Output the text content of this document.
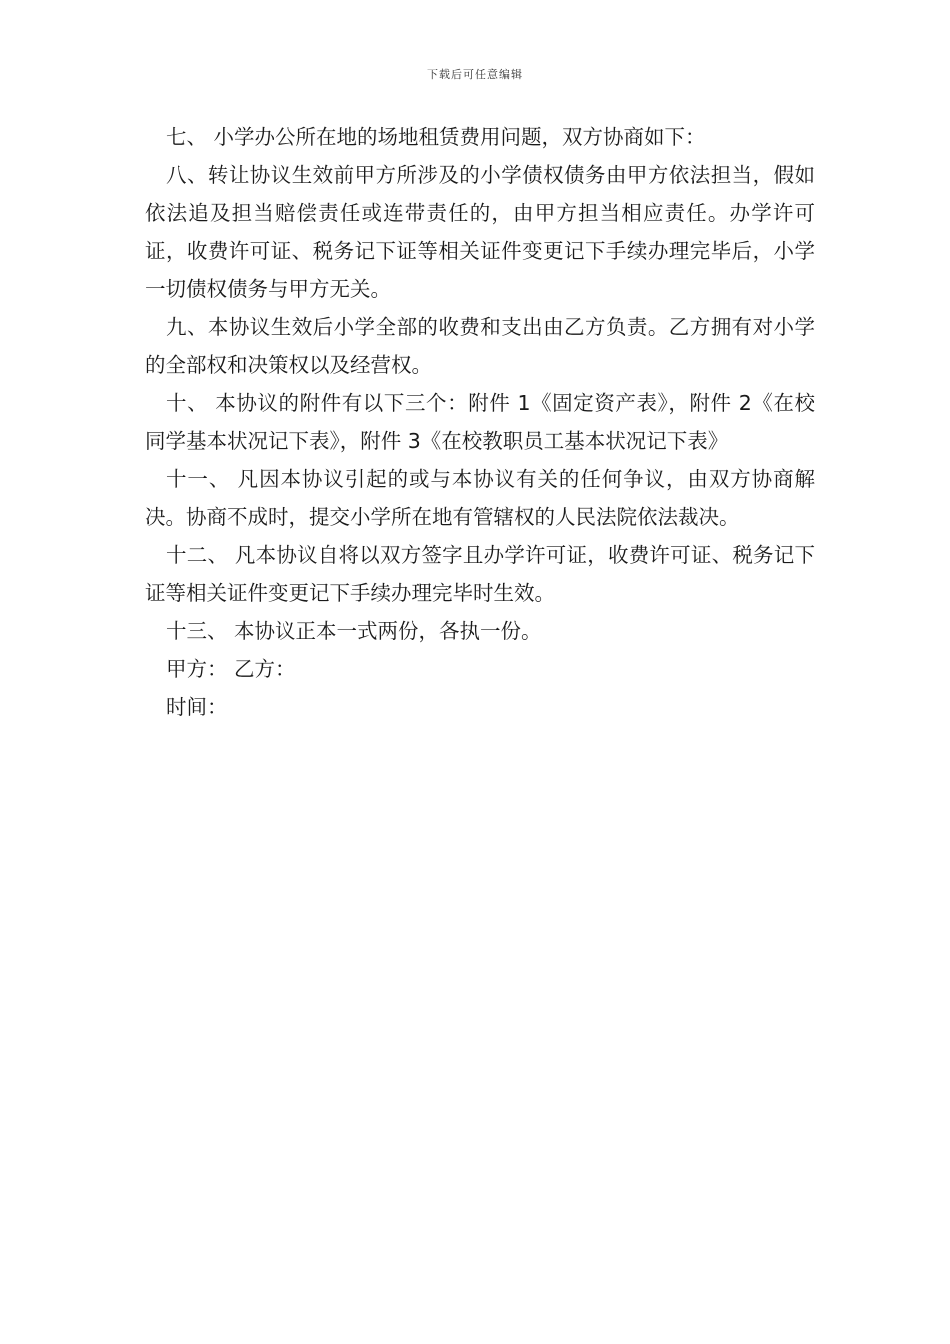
下载后可任意编辑

七、 小学办公所在地的场地租赁费用问题，双方协商如下：

八、转让协议生效前甲方所涉及的小学债权债务由甲方依法担当，假如依法追及担当赔偿责任或连带责任的，由甲方担当相应责任。办学许可证，收费许可证、税务记下证等相关证件变更记下手续办理完毕后，小学一切债权债务与甲方无关。

九、本协议生效后小学全部的收费和支出由乙方负责。乙方拥有对小学的全部权和决策权以及经营权。

十、 本协议的附件有以下三个：附件 1《固定资产表》，附件 2《在校同学基本状况记下表》，附件 3《在校教职员工基本状况记下表》

十一、 凡因本协议引起的或与本协议有关的任何争议，由双方协商解决。协商不成时，提交小学所在地有管辖权的人民法院依法裁决。

十二、 凡本协议自将以双方签字且办学许可证，收费许可证、税务记下证等相关证件变更记下手续办理完毕时生效。

十三、 本协议正本一式两份，各执一份。

甲方： 乙方：

时间：
